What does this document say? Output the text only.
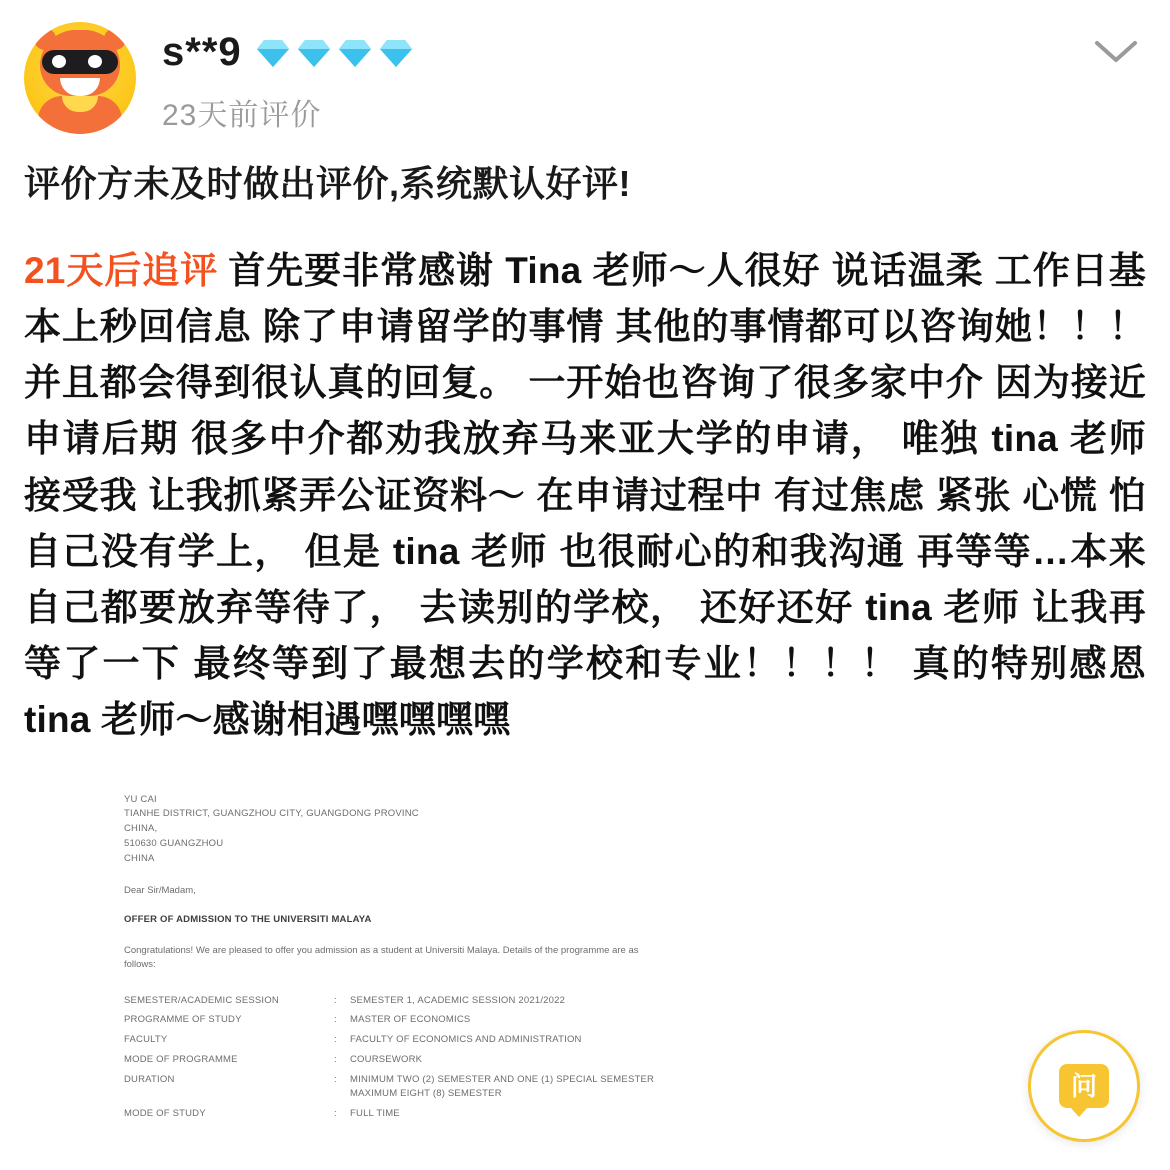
s**9
23天前评价
评价方未及时做出评价,系统默认好评!
21天后追评 首先要非常感谢 Tina 老师～人很好 说话温柔 工作日基本上秒回信息 除了申请留学的事情 其他的事情都可以咨询她！！！ 并且都会得到很认真的回复。 一开始也咨询了很多家中介 因为接近申请后期 很多中介都劝我放弃马来亚大学的申请， 唯独 tina 老师 接受我 让我抓紧弄公证资料～ 在申请过程中 有过焦虑 紧张 心慌 怕自己没有学上， 但是 tina 老师 也很耐心的和我沟通 再等等…本来自己都要放弃等待了， 去读别的学校， 还好还好 tina 老师 让我再等了一下 最终等到了最想去的学校和专业！！！！ 真的特别感恩 tina 老师～感谢相遇嘿嘿嘿嘿
YU CAI
TIANHE DISTRICT, GUANGZHOU CITY, GUANGDONG PROVINC
CHINA,
510630 GUANGZHOU
CHINA
Dear Sir/Madam,
OFFER OF ADMISSION TO THE UNIVERSITI MALAYA
Congratulations! We are pleased to offer you admission as a student at Universiti Malaya. Details of the programme are as follows:
SEMESTER/ACADEMIC SESSION	:	SEMESTER 1, ACADEMIC SESSION 2021/2022
PROGRAMME OF STUDY	:	MASTER OF ECONOMICS
FACULTY	:	FACULTY OF ECONOMICS AND ADMINISTRATION
MODE OF PROGRAMME	:	COURSEWORK
DURATION	:	MINIMUM TWO (2) SEMESTER AND ONE (1) SPECIAL SEMESTER MAXIMUM EIGHT (8) SEMESTER
MODE OF STUDY	:	FULL TIME
问
